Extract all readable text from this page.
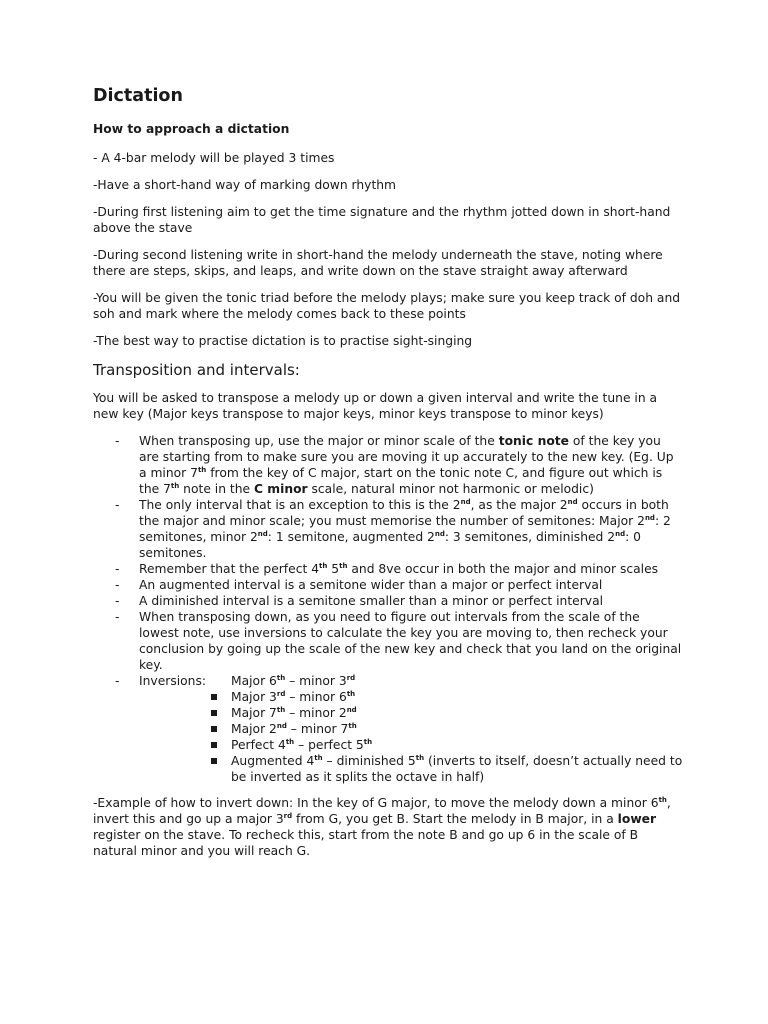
Dictation
How to approach a dictation

- A 4-bar melody will be played 3 times

-Have a short-hand way of marking down rhythm

-During first listening aim to get the time signature and the rhythm jotted down in short-hand above the stave

-During second listening write in short-hand the melody underneath the stave, noting where there are steps, skips, and leaps, and write down on the stave straight away afterward

-You will be given the tonic triad before the melody plays; make sure you keep track of doh and soh and mark where the melody comes back to these points

-The best way to practise dictation is to practise sight-singing

Transposition and intervals:

You will be asked to transpose a melody up or down a given interval and write the tune in a new key (Major keys transpose to major keys, minor keys transpose to minor keys)

- When transposing up, use the major or minor scale of the tonic note of the key you are starting from to make sure you are moving it up accurately to the new key. (Eg. Up a minor 7th from the key of C major, start on the tonic note C, and figure out which is the 7th note in the C minor scale, natural minor not harmonic or melodic)
- The only interval that is an exception to this is the 2nd, as the major 2nd occurs in both the major and minor scale; you must memorise the number of semitones: Major 2nd: 2 semitones, minor 2nd: 1 semitone, augmented 2nd: 3 semitones, diminished 2nd: 0 semitones.
- Remember that the perfect 4th 5th and 8ve occur in both the major and minor scales
- An augmented interval is a semitone wider than a major or perfect interval
- A diminished interval is a semitone smaller than a minor or perfect interval
- When transposing down, as you need to figure out intervals from the scale of the lowest note, use inversions to calculate the key you are moving to, then recheck your conclusion by going up the scale of the new key and check that you land on the original key.
- Inversions:	Major 6th – minor 3rd
Major 3rd – minor 6th
Major 7th – minor 2nd
Major 2nd – minor 7th
Perfect 4th – perfect 5th
Augmented 4th – diminished 5th (inverts to itself, doesn’t actually need to be inverted as it splits the octave in half)

-Example of how to invert down: In the key of G major, to move the melody down a minor 6th, invert this and go up a major 3rd from G, you get B. Start the melody in B major, in a lower register on the stave. To recheck this, start from the note B and go up 6 in the scale of B natural minor and you will reach G.
